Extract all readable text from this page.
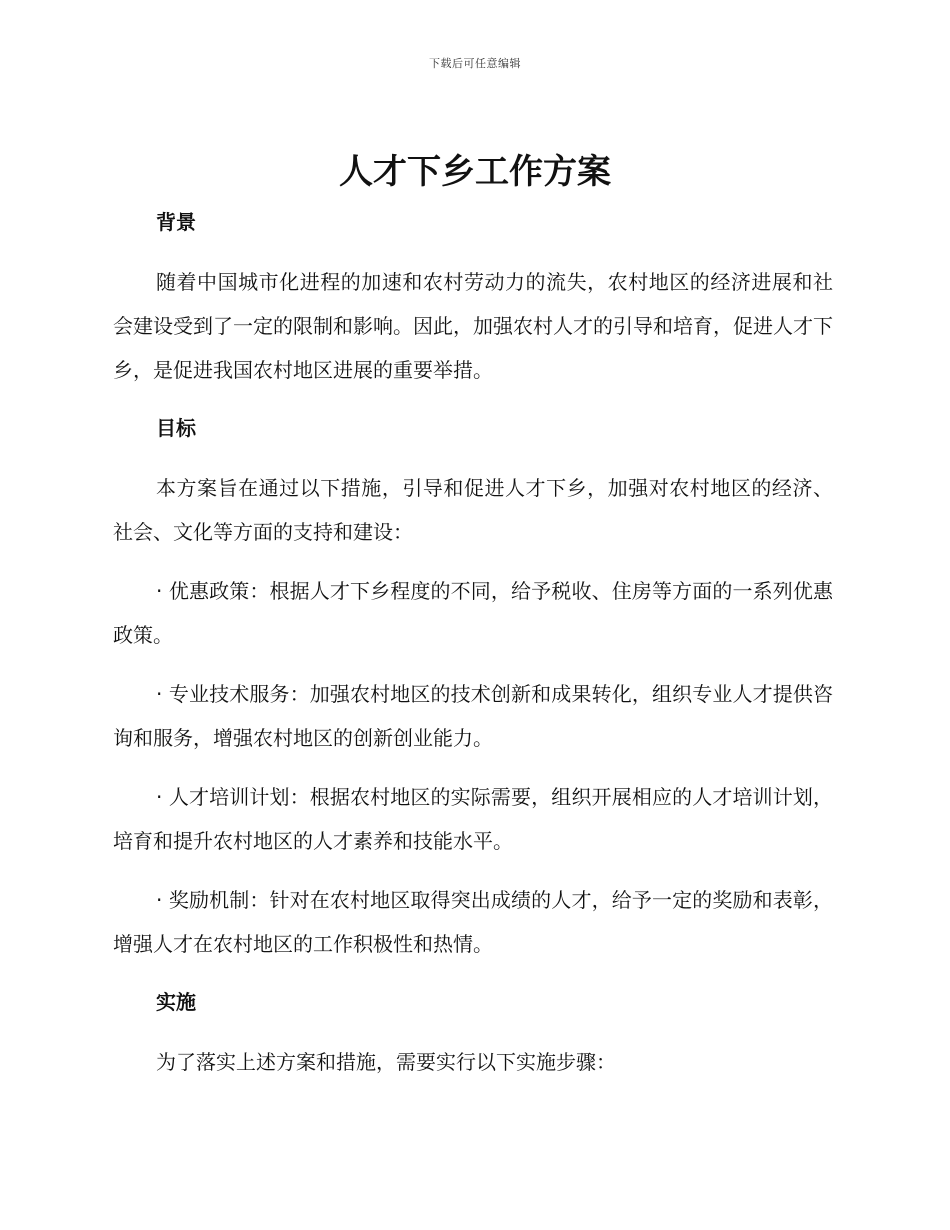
下载后可任意编辑
人才下乡工作方案
背景

随着中国城市化进程的加速和农村劳动力的流失，农村地区的经济进展和社会建设受到了一定的限制和影响。因此，加强农村人才的引导和培育，促进人才下乡，是促进我国农村地区进展的重要举措。

目标

本方案旨在通过以下措施，引导和促进人才下乡，加强对农村地区的经济、社会、文化等方面的支持和建设：

· 优惠政策：根据人才下乡程度的不同，给予税收、住房等方面的一系列优惠政策。

· 专业技术服务：加强农村地区的技术创新和成果转化，组织专业人才提供咨询和服务，增强农村地区的创新创业能力。

· 人才培训计划：根据农村地区的实际需要，组织开展相应的人才培训计划，培育和提升农村地区的人才素养和技能水平。

· 奖励机制：针对在农村地区取得突出成绩的人才，给予一定的奖励和表彰，增强人才在农村地区的工作积极性和热情。

实施

为了落实上述方案和措施，需要实行以下实施步骤：
